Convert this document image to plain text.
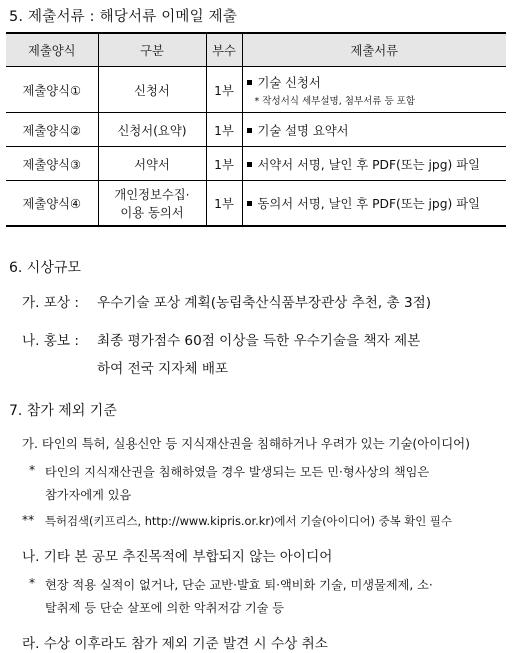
5. 제출서류 : 해당서류 이메일 제출
제출양식	구분	부수	제출서류
제출양식①	신청서	1부	기술 신청서
* 작성서식 세부설명, 첨부서류 등 포함

제출양식②	신청서(요약)	1부	기술 설명 요약서
제출양식③	서약서	1부	서약서 서명, 날인 후 PDF(또는 jpg) 파일
제출양식④	개인정보수집·
이용 동의서	1부	동의서 서명, 날인 후 PDF(또는 jpg) 파일
6. 시상규모
가. 포상 : 우수기술 포상 계획(농림축산식품부장관상 추천, 총 3점)
나. 홍보 : 최종 평가점수 60점 이상을 득한 우수기술을 책자 제본
하여 전국 지자체 배포
7. 참가 제외 기준
가. 타인의 특허, 실용신안 등 지식재산권을 침해하거나 우려가 있는 기술(아이디어)
* 타인의 지식재산권을 침해하였을 경우 발생되는 모든 민·형사상의 책임은
참가자에게 있음
** 특허검색(키프리스, http://www.kipris.or.kr)에서 기술(아이디어) 중복 확인 필수
나. 기타 본 공모 추진목적에 부합되지 않는 아이디어
* 현장 적용 실적이 없거나, 단순 교반·발효 퇴·액비화 기술, 미생물제제, 소·
탈취제 등 단순 살포에 의한 악취저감 기술 등
라. 수상 이후라도 참가 제외 기준 발견 시 수상 취소
